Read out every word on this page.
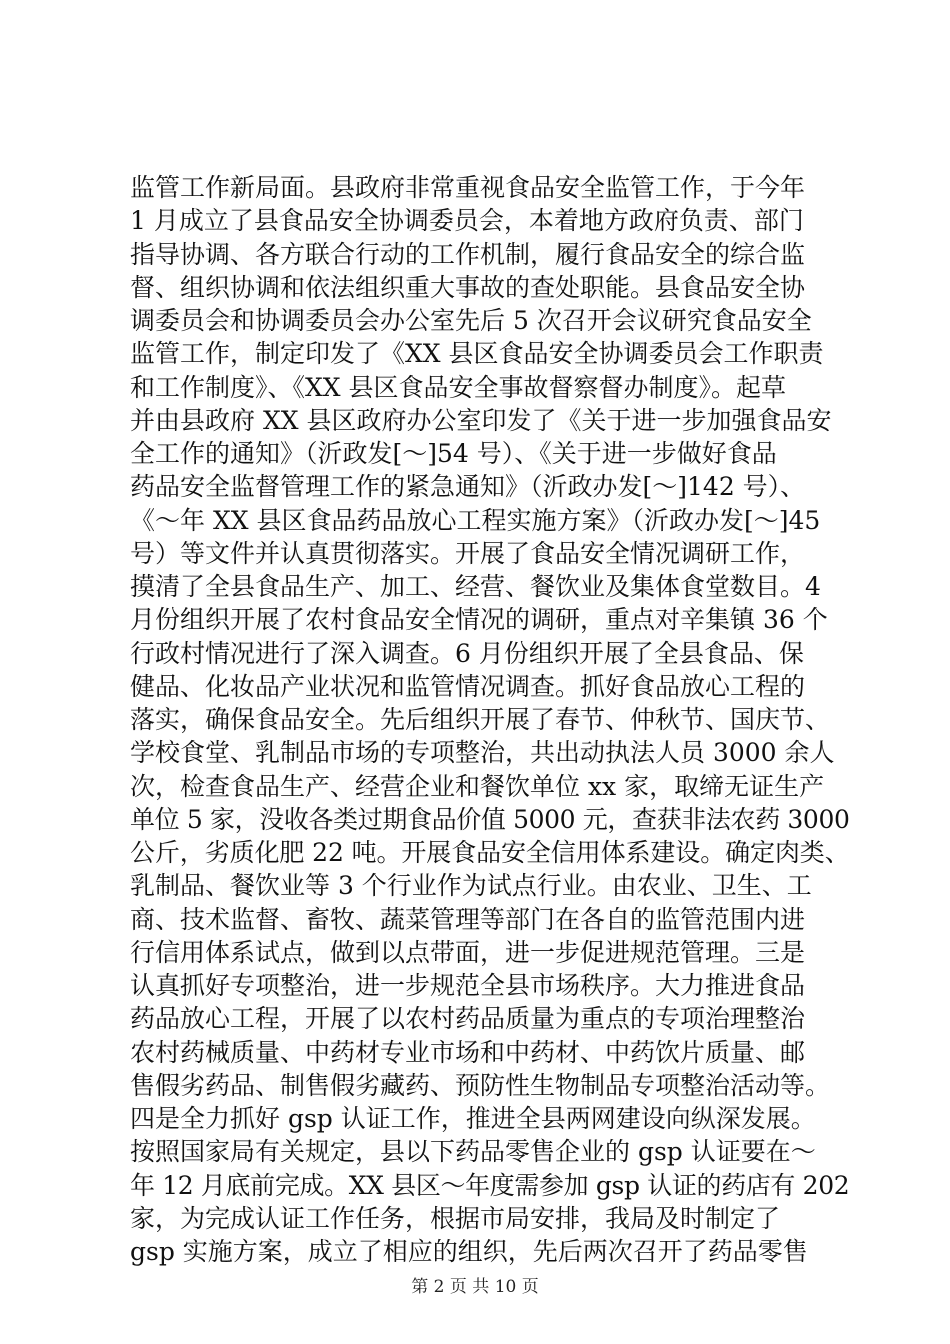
监管工作新局面。县政府非常重视食品安全监管工作，于今年
1 月成立了县食品安全协调委员会，本着地方政府负责、部门
指导协调、各方联合行动的工作机制，履行食品安全的综合监
督、组织协调和依法组织重大事故的查处职能。县食品安全协
调委员会和协调委员会办公室先后 5 次召开会议研究食品安全
监管工作，制定印发了《XX 县区食品安全协调委员会工作职责
和工作制度》、《XX 县区食品安全事故督察督办制度》。起草
并由县政府 XX 县区政府办公室印发了《关于进一步加强食品安
全工作的通知》（沂政发[～]54 号）、《关于进一步做好食品
药品安全监督管理工作的紧急通知》（沂政办发[～]142 号）、
《～年 XX 县区食品药品放心工程实施方案》（沂政办发[～]45
号）等文件并认真贯彻落实。开展了食品安全情况调研工作，
摸清了全县食品生产、加工、经营、餐饮业及集体食堂数目。4
月份组织开展了农村食品安全情况的调研，重点对辛集镇 36 个
行政村情况进行了深入调查。6 月份组织开展了全县食品、保
健品、化妆品产业状况和监管情况调查。抓好食品放心工程的
落实，确保食品安全。先后组织开展了春节、仲秋节、国庆节、
学校食堂、乳制品市场的专项整治，共出动执法人员 3000 余人
次，检查食品生产、经营企业和餐饮单位 xx 家，取缔无证生产
单位 5 家，没收各类过期食品价值 5000 元，查获非法农药 3000
公斤，劣质化肥 22 吨。开展食品安全信用体系建设。确定肉类、
乳制品、餐饮业等 3 个行业作为试点行业。由农业、卫生、工
商、技术监督、畜牧、蔬菜管理等部门在各自的监管范围内进
行信用体系试点，做到以点带面，进一步促进规范管理。三是
认真抓好专项整治，进一步规范全县市场秩序。大力推进食品
药品放心工程，开展了以农村药品质量为重点的专项治理整治
农村药械质量、中药材专业市场和中药材、中药饮片质量、邮
售假劣药品、制售假劣藏药、预防性生物制品专项整治活动等。
四是全力抓好 gsp 认证工作，推进全县两网建设向纵深发展。
按照国家局有关规定，县以下药品零售企业的 gsp 认证要在～
年 12 月底前完成。XX 县区～年度需参加 gsp 认证的药店有 202
家，为完成认证工作任务，根据市局安排，我局及时制定了
gsp 实施方案，成立了相应的组织，先后两次召开了药品零售
第 2 页 共 10 页
